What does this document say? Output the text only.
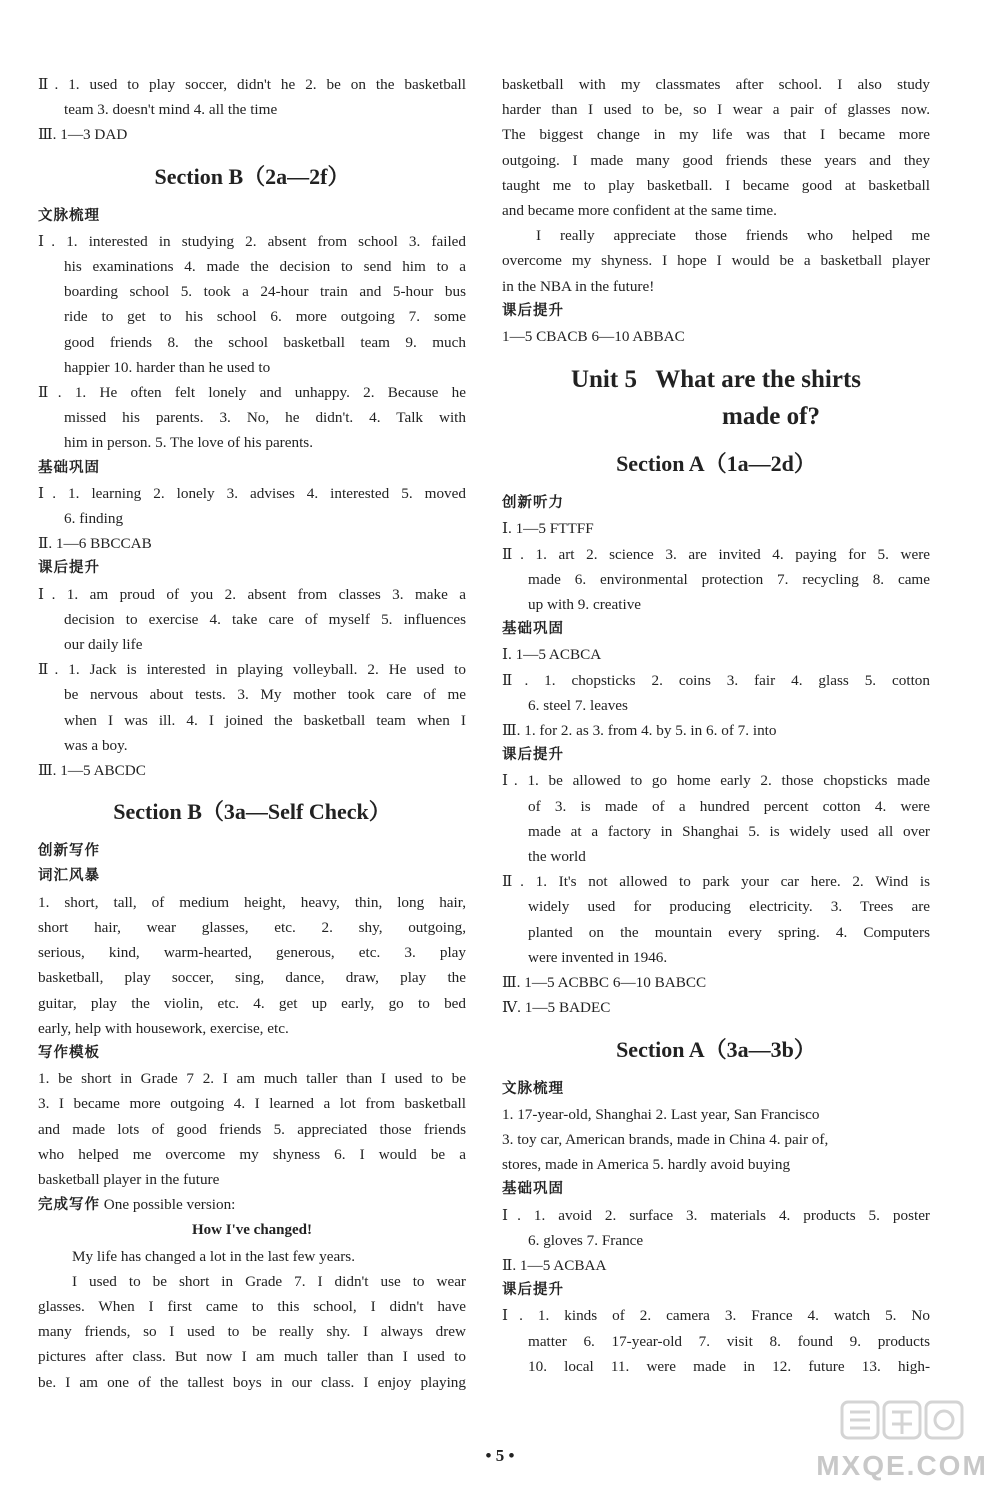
Ⅱ. 1. used to play soccer, didn't he 2. be on the basketball
team 3. doesn't mind 4. all the time
Ⅲ. 1—3 DAD
Section B（2a—2f）
文脉梳理
Ⅰ. 1. interested in studying 2. absent from school 3. failed
his examinations 4. made the decision to send him to a
boarding school 5. took a 24-hour train and 5-hour bus
ride to get to his school 6. more outgoing 7. some
good friends 8. the school basketball team 9. much
happier 10. harder than he used to
Ⅱ. 1. He often felt lonely and unhappy. 2. Because he
missed his parents. 3. No, he didn't. 4. Talk with
him in person. 5. The love of his parents.
基础巩固
Ⅰ. 1. learning 2. lonely 3. advises 4. interested 5. moved
6. finding
Ⅱ. 1—6 BBCCAB
课后提升
Ⅰ. 1. am proud of you 2. absent from classes 3. make a
decision to exercise 4. take care of myself 5. influences
our daily life
Ⅱ. 1. Jack is interested in playing volleyball. 2. He used to
be nervous about tests. 3. My mother took care of me
when I was ill. 4. I joined the basketball team when I
was a boy.
Ⅲ. 1—5 ABCDC
Section B（3a—Self Check）
创新写作
词汇风暴
1. short, tall, of medium height, heavy, thin, long hair,
short hair, wear glasses, etc. 2. shy, outgoing,
serious, kind, warm-hearted, generous, etc. 3. play
basketball, play soccer, sing, dance, draw, play the
guitar, play the violin, etc. 4. get up early, go to bed
early, help with housework, exercise, etc.
写作模板
1. be short in Grade 7 2. I am much taller than I used to be
3. I became more outgoing 4. I learned a lot from basketball
and made lots of good friends 5. appreciated those friends
who helped me overcome my shyness 6. I would be a
basketball player in the future
完成写作 One possible version:
How I've changed!
My life has changed a lot in the last few years.
I used to be short in Grade 7. I didn't use to wear
glasses. When I first came to this school, I didn't have
many friends, so I used to be really shy. I always drew
pictures after class. But now I am much taller than I used to
be. I am one of the tallest boys in our class. I enjoy playing
basketball with my classmates after school. I also study
harder than I used to be, so I wear a pair of glasses now.
The biggest change in my life was that I became more
outgoing. I made many good friends these years and they
taught me to play basketball. I became good at basketball
and became more confident at the same time.
I really appreciate those friends who helped me
overcome my shyness. I hope I would be a basketball player
in the NBA in the future!
课后提升
1—5 CBACB 6—10 ABBAC
Unit 5   What are the shirts
made of?
Section A（1a—2d）
创新听力
Ⅰ. 1—5 FTTFF
Ⅱ. 1. art 2. science 3. are invited 4. paying for 5. were
made 6. environmental protection 7. recycling 8. came
up with 9. creative
基础巩固
Ⅰ. 1—5 ACBCA
Ⅱ. 1. chopsticks 2. coins 3. fair 4. glass 5. cotton
6. steel 7. leaves
Ⅲ. 1. for 2. as 3. from 4. by 5. in 6. of 7. into
课后提升
Ⅰ. 1. be allowed to go home early 2. those chopsticks made
of 3. is made of a hundred percent cotton 4. were
made at a factory in Shanghai 5. is widely used all over
the world
Ⅱ. 1. It's not allowed to park your car here. 2. Wind is
widely used for producing electricity. 3. Trees are
planted on the mountain every spring. 4. Computers
were invented in 1946.
Ⅲ. 1—5 ACBBC 6—10 BABCC
Ⅳ. 1—5 BADEC
Section A（3a—3b）
文脉梳理
1. 17-year-old, Shanghai 2. Last year, San Francisco
3. toy car, American brands, made in China 4. pair of,
stores, made in America 5. hardly avoid buying
基础巩固
Ⅰ. 1. avoid 2. surface 3. materials 4. products 5. poster
6. gloves 7. France
Ⅱ. 1—5 ACBAA
课后提升
Ⅰ. 1. kinds of 2. camera 3. France 4. watch 5. No
matter 6. 17-year-old 7. visit 8. found 9. products
10. local 11. were made in 12. future 13. high-
• 5 •	MXQE.COM
